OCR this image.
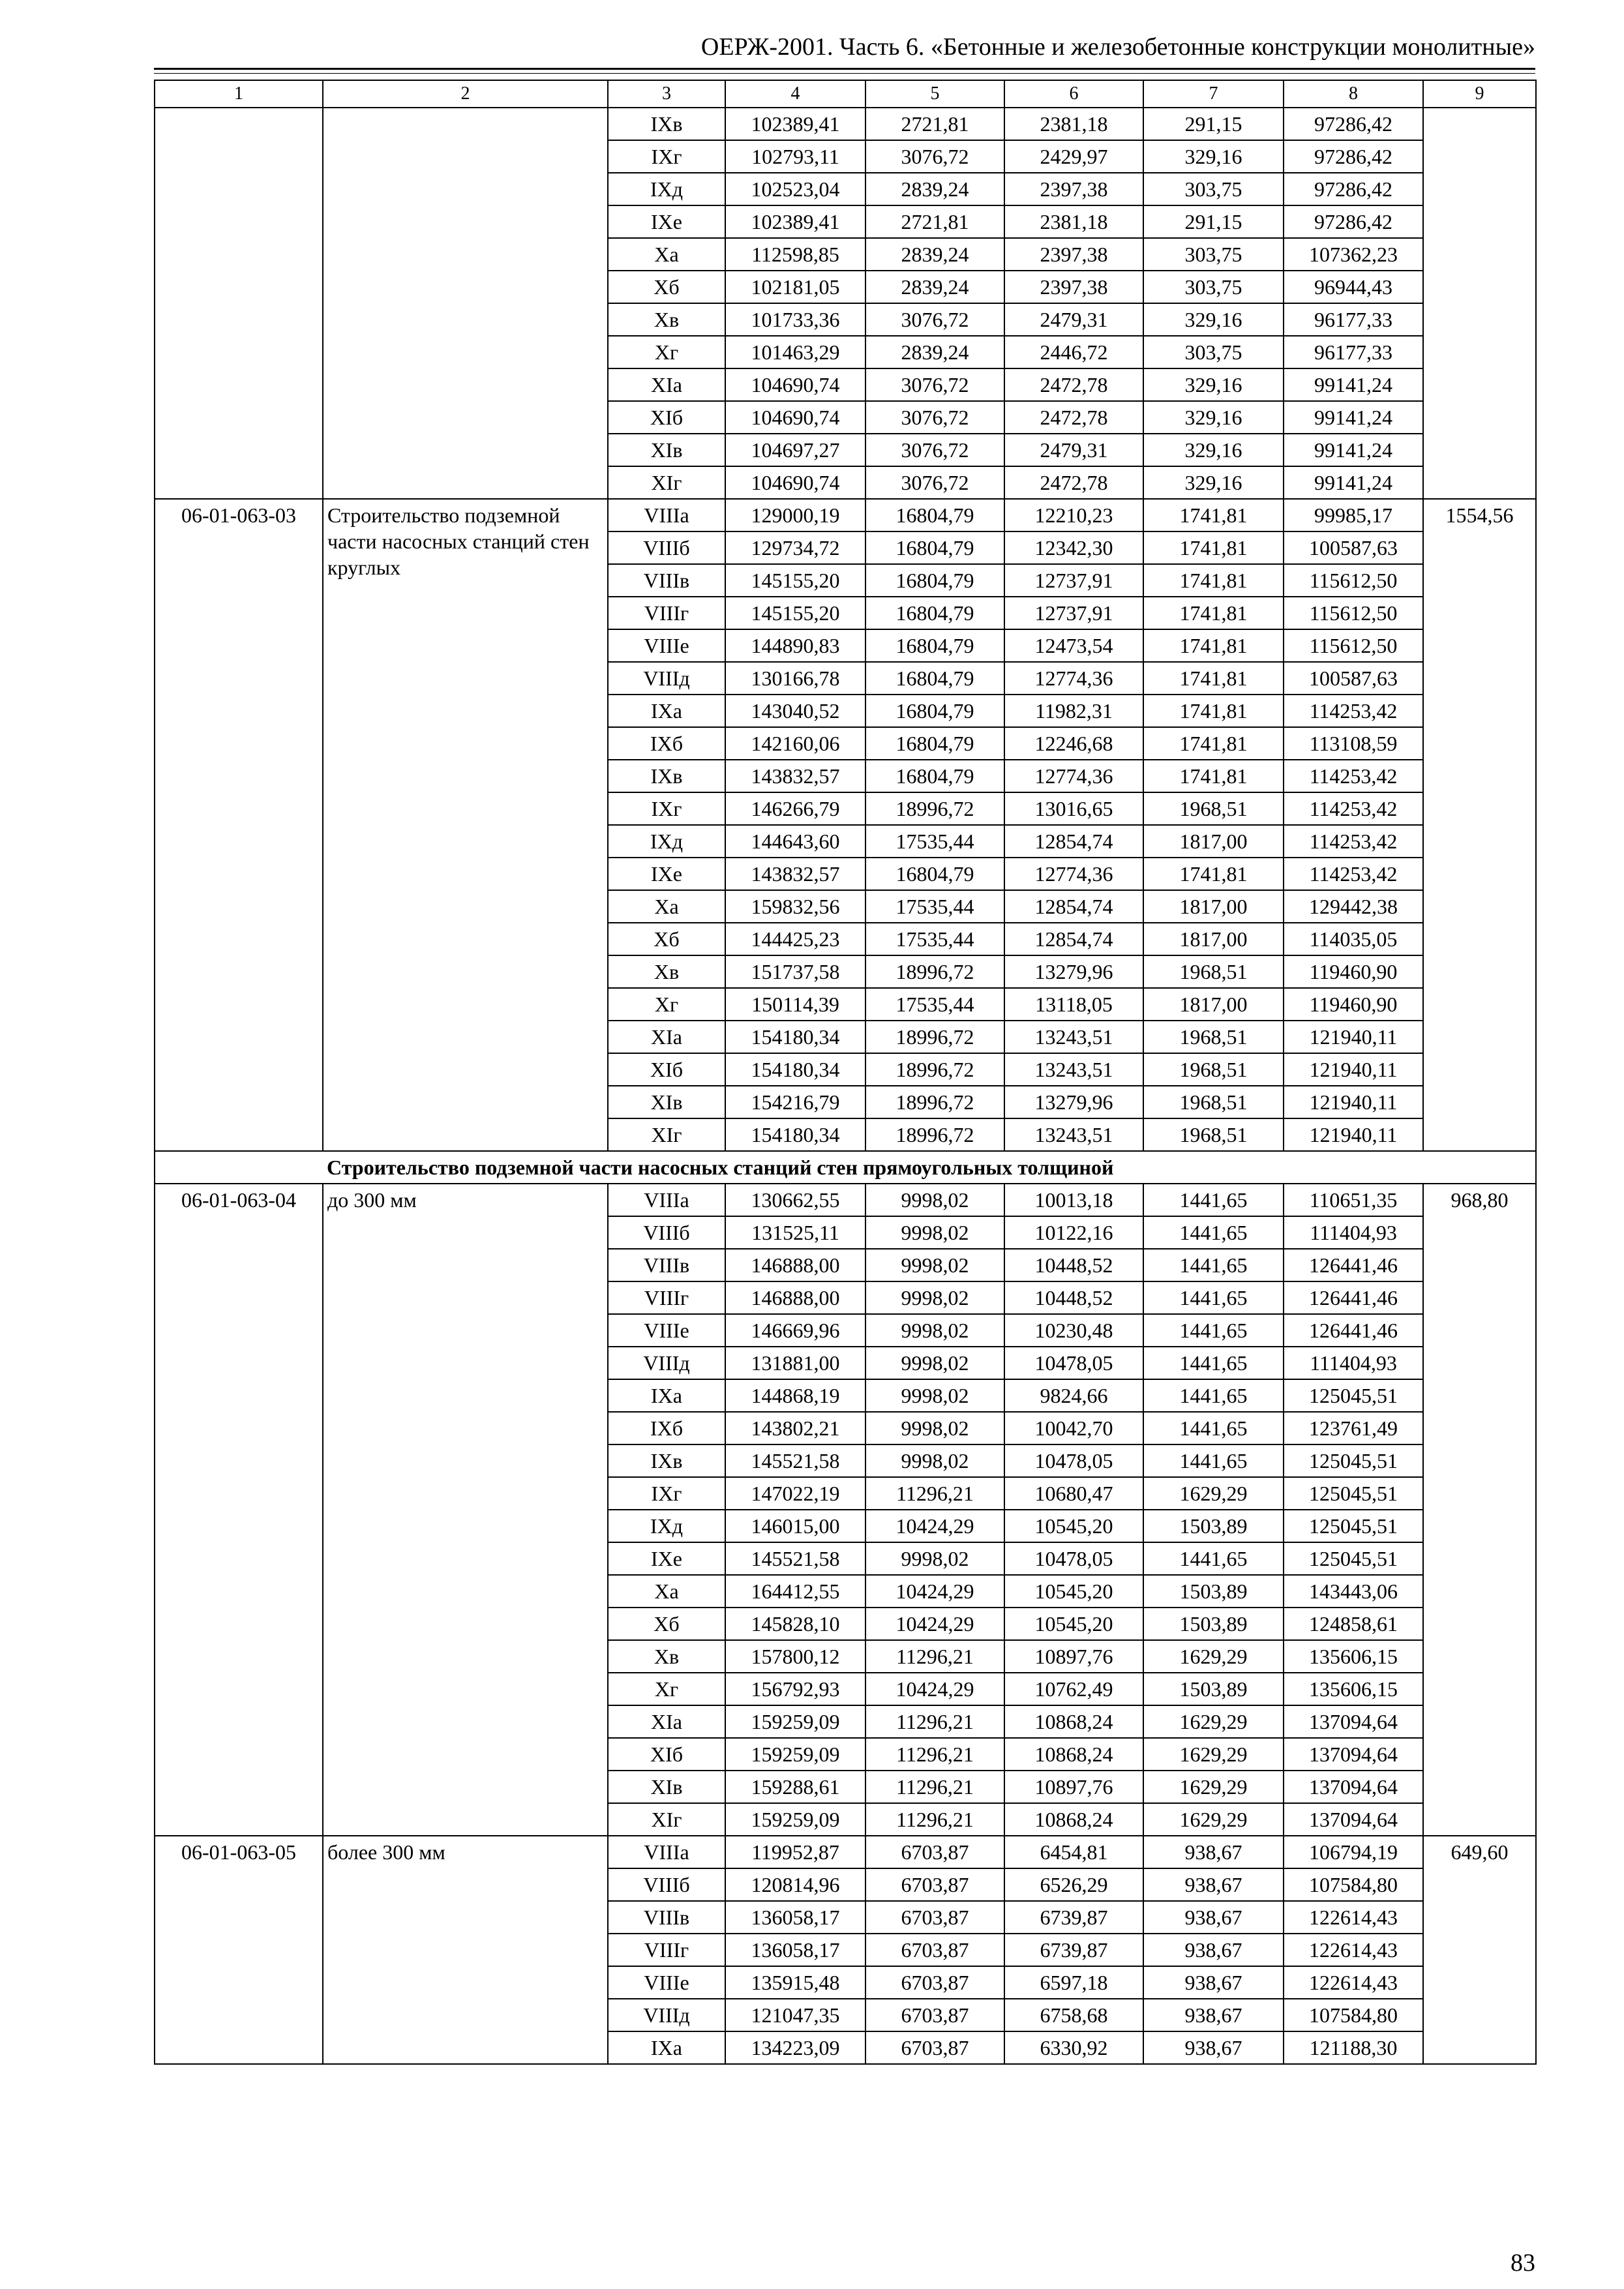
ОЕРЖ-2001. Часть 6. «Бетонные и железобетонные конструкции монолитные»
1	2	3	4	5	6	7	8	9
		IXв	102389,41	2721,81	2381,18	291,15	97286,42	
		IXг	102793,11	3076,72	2429,97	329,16	97286,42	
		IXд	102523,04	2839,24	2397,38	303,75	97286,42	
		IXе	102389,41	2721,81	2381,18	291,15	97286,42	
		Xа	112598,85	2839,24	2397,38	303,75	107362,23	
		Xб	102181,05	2839,24	2397,38	303,75	96944,43	
		Xв	101733,36	3076,72	2479,31	329,16	96177,33	
		Xг	101463,29	2839,24	2446,72	303,75	96177,33	
		XIа	104690,74	3076,72	2472,78	329,16	99141,24	
		XIб	104690,74	3076,72	2472,78	329,16	99141,24	
		XIв	104697,27	3076,72	2479,31	329,16	99141,24	
		XIг	104690,74	3076,72	2472,78	329,16	99141,24	
06-01-063-03	Строительство подземной части насосных станций стен круглых	VIIIа	129000,19	16804,79	12210,23	1741,81	99985,17	1554,56
		VIIIб	129734,72	16804,79	12342,30	1741,81	100587,63	
		VIIIв	145155,20	16804,79	12737,91	1741,81	115612,50	
		VIIIг	145155,20	16804,79	12737,91	1741,81	115612,50	
		VIIIе	144890,83	16804,79	12473,54	1741,81	115612,50	
		VIIIд	130166,78	16804,79	12774,36	1741,81	100587,63	
		IXа	143040,52	16804,79	11982,31	1741,81	114253,42	
		IXб	142160,06	16804,79	12246,68	1741,81	113108,59	
		IXв	143832,57	16804,79	12774,36	1741,81	114253,42	
		IXг	146266,79	18996,72	13016,65	1968,51	114253,42	
		IXд	144643,60	17535,44	12854,74	1817,00	114253,42	
		IXе	143832,57	16804,79	12774,36	1741,81	114253,42	
		Xа	159832,56	17535,44	12854,74	1817,00	129442,38	
		Xб	144425,23	17535,44	12854,74	1817,00	114035,05	
		Xв	151737,58	18996,72	13279,96	1968,51	119460,90	
		Xг	150114,39	17535,44	13118,05	1817,00	119460,90	
		XIа	154180,34	18996,72	13243,51	1968,51	121940,11	
		XIб	154180,34	18996,72	13243,51	1968,51	121940,11	
		XIв	154216,79	18996,72	13279,96	1968,51	121940,11	
		XIг	154180,34	18996,72	13243,51	1968,51	121940,11	
	Строительство подземной части насосных станций стен прямоугольных толщиной							
06-01-063-04	до 300 мм	VIIIа	130662,55	9998,02	10013,18	1441,65	110651,35	968,80
		VIIIб	131525,11	9998,02	10122,16	1441,65	111404,93	
		VIIIв	146888,00	9998,02	10448,52	1441,65	126441,46	
		VIIIг	146888,00	9998,02	10448,52	1441,65	126441,46	
		VIIIе	146669,96	9998,02	10230,48	1441,65	126441,46	
		VIIIд	131881,00	9998,02	10478,05	1441,65	111404,93	
		IXа	144868,19	9998,02	9824,66	1441,65	125045,51	
		IXб	143802,21	9998,02	10042,70	1441,65	123761,49	
		IXв	145521,58	9998,02	10478,05	1441,65	125045,51	
		IXг	147022,19	11296,21	10680,47	1629,29	125045,51	
		IXд	146015,00	10424,29	10545,20	1503,89	125045,51	
		IXе	145521,58	9998,02	10478,05	1441,65	125045,51	
		Xа	164412,55	10424,29	10545,20	1503,89	143443,06	
		Xб	145828,10	10424,29	10545,20	1503,89	124858,61	
		Xв	157800,12	11296,21	10897,76	1629,29	135606,15	
		Xг	156792,93	10424,29	10762,49	1503,89	135606,15	
		XIа	159259,09	11296,21	10868,24	1629,29	137094,64	
		XIб	159259,09	11296,21	10868,24	1629,29	137094,64	
		XIв	159288,61	11296,21	10897,76	1629,29	137094,64	
		XIг	159259,09	11296,21	10868,24	1629,29	137094,64	
06-01-063-05	более 300 мм	VIIIа	119952,87	6703,87	6454,81	938,67	106794,19	649,60
		VIIIб	120814,96	6703,87	6526,29	938,67	107584,80	
		VIIIв	136058,17	6703,87	6739,87	938,67	122614,43	
		VIIIг	136058,17	6703,87	6739,87	938,67	122614,43	
		VIIIе	135915,48	6703,87	6597,18	938,67	122614,43	
		VIIIд	121047,35	6703,87	6758,68	938,67	107584,80	
		IXа	134223,09	6703,87	6330,92	938,67	121188,30	
83
